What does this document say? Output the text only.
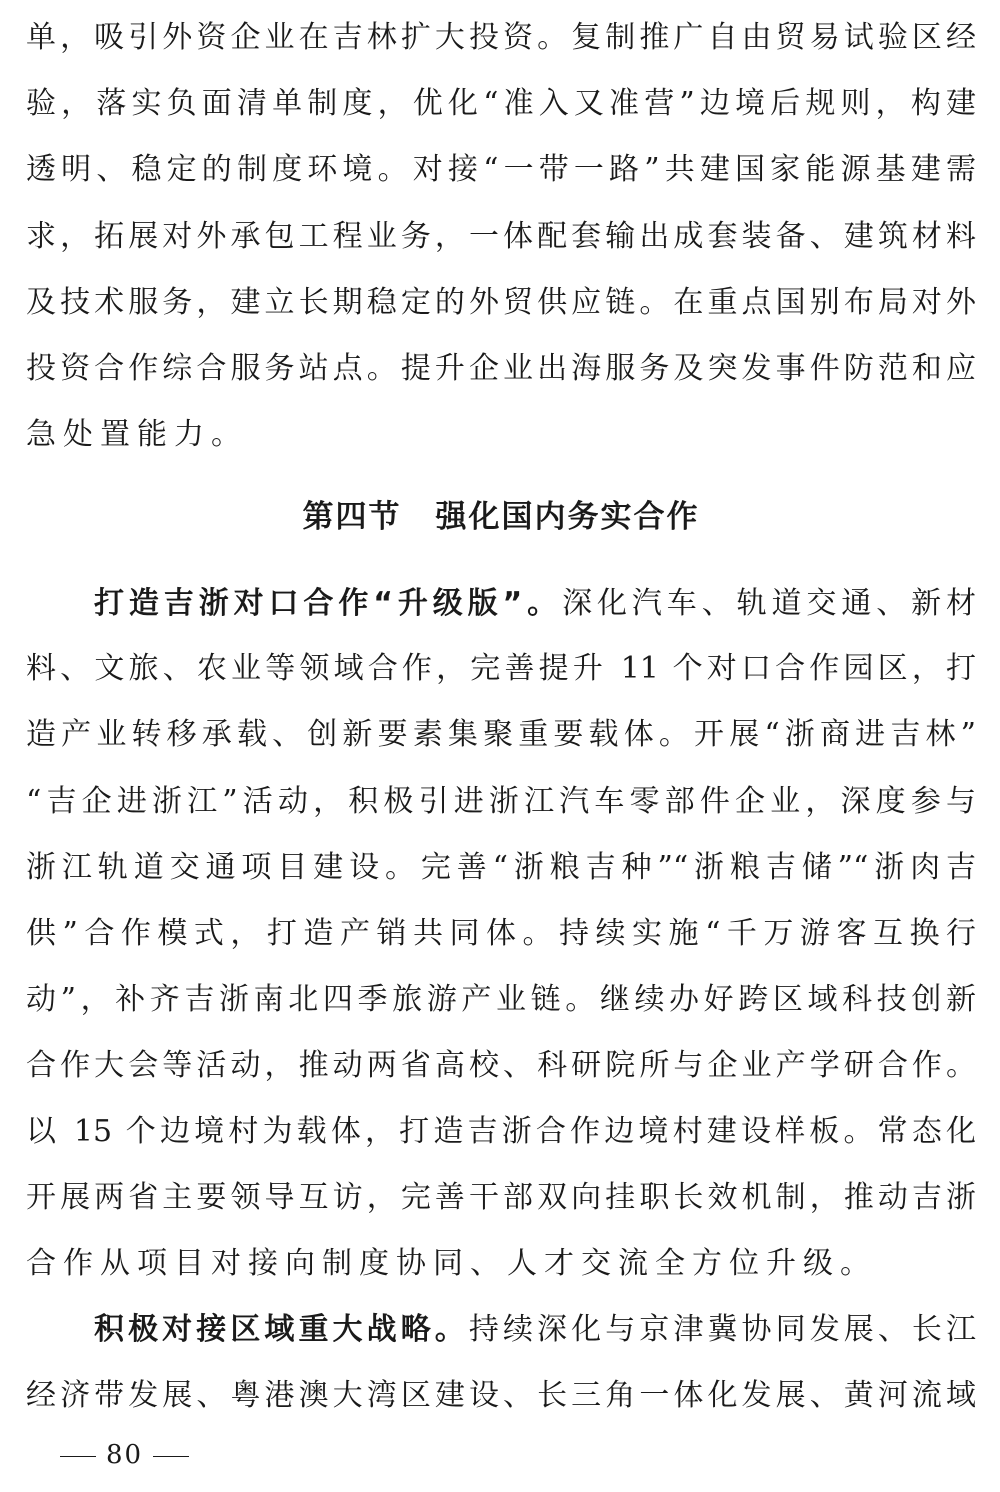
单，吸引外资企业在吉林扩大投资。复制推广自由贸易试验区经
验，落实负面清单制度，优化“准入又准营”边境后规则，构建
透明、稳定的制度环境。对接“一带一路”共建国家能源基建需
求，拓展对外承包工程业务，一体配套输出成套装备、建筑材料
及技术服务，建立长期稳定的外贸供应链。在重点国别布局对外
投资合作综合服务站点。提升企业出海服务及突发事件防范和应
急处置能力。
第四节 强化国内务实合作
打造吉浙对口合作“升级版”。深化汽车、轨道交通、新材
料、文旅、农业等领域合作，完善提升 11 个对口合作园区，打
造产业转移承载、创新要素集聚重要载体。开展“浙商进吉林”
“吉企进浙江”活动，积极引进浙江汽车零部件企业，深度参与
浙江轨道交通项目建设。完善“浙粮吉种”“浙粮吉储”“浙肉吉
供”合作模式，打造产销共同体。持续实施“千万游客互换行
动”，补齐吉浙南北四季旅游产业链。继续办好跨区域科技创新
合作大会等活动，推动两省高校、科研院所与企业产学研合作。
以 15 个边境村为载体，打造吉浙合作边境村建设样板。常态化
开展两省主要领导互访，完善干部双向挂职长效机制，推动吉浙
合作从项目对接向制度协同、人才交流全方位升级。
积极对接区域重大战略。持续深化与京津冀协同发展、长江
经济带发展、粤港澳大湾区建设、长三角一体化发展、黄河流域
80
